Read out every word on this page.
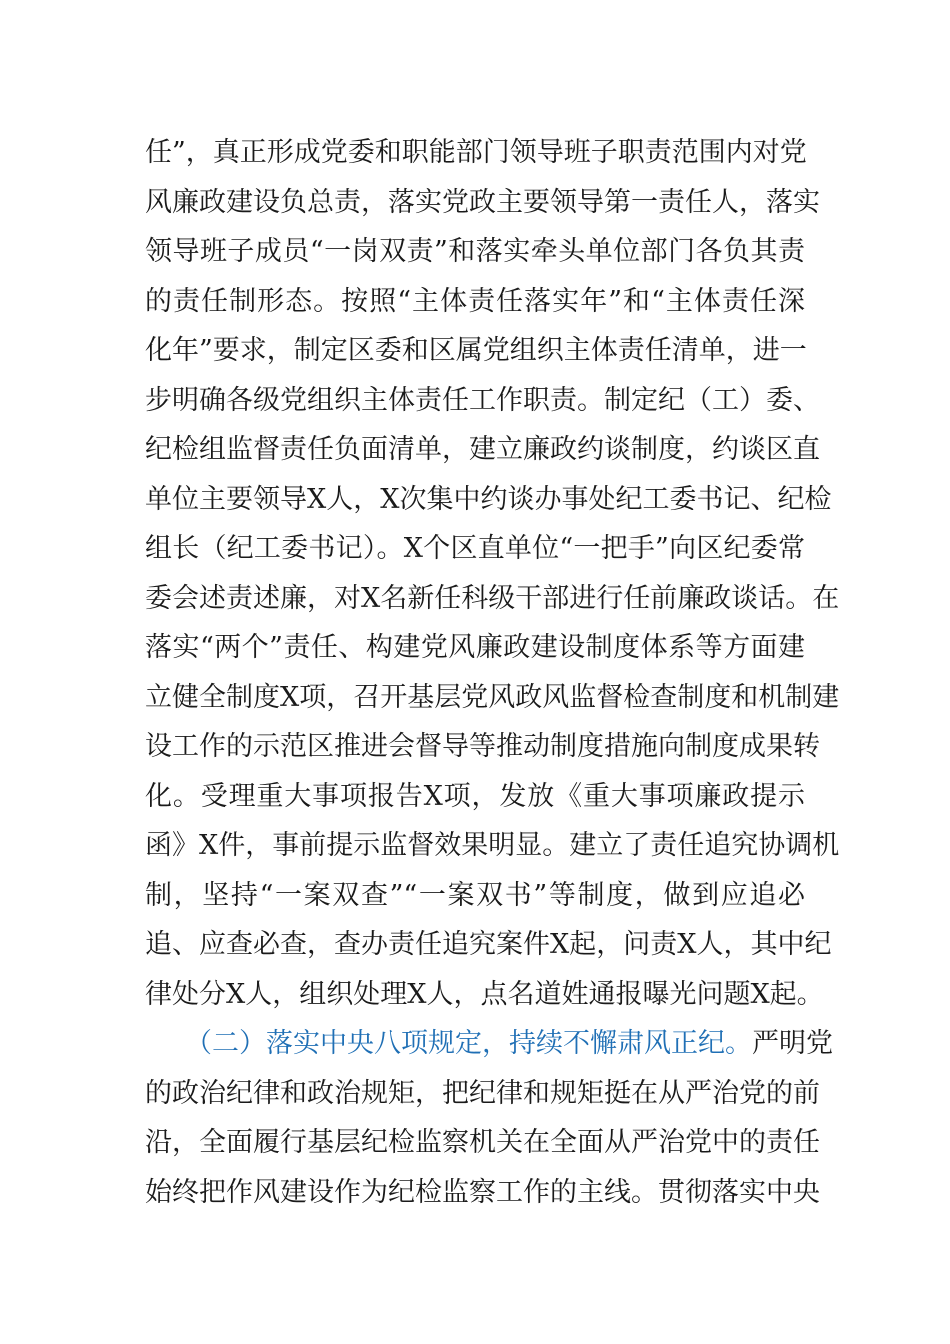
任”，真正形成党委和职能部门领导班子职责范围内对党
风廉政建设负总责，落实党政主要领导第一责任人，落实
领导班子成员“一岗双责”和落实牵头单位部门各负其责
的责任制形态。按照“主体责任落实年”和“主体责任深
化年”要求，制定区委和区属党组织主体责任清单，进一
步明确各级党组织主体责任工作职责。制定纪（工）委、
纪检组监督责任负面清单，建立廉政约谈制度，约谈区直
单位主要领导X人，X次集中约谈办事处纪工委书记、纪检
组长（纪工委书记）。X个区直单位“一把手”向区纪委常
委会述责述廉，对X名新任科级干部进行任前廉政谈话。在
落实“两个”责任、构建党风廉政建设制度体系等方面建
立健全制度X项，召开基层党风政风监督检查制度和机制建
设工作的示范区推进会督导等推动制度措施向制度成果转
化。受理重大事项报告X项，发放《重大事项廉政提示
函》X件，事前提示监督效果明显。建立了责任追究协调机
制，坚持“一案双查”“一案双书”等制度，做到应追必
追、应查必查，查办责任追究案件X起，问责X人，其中纪
律处分X人，组织处理X人，点名道姓通报曝光问题X起。
（二）落实中央八项规定，持续不懈肃风正纪。严明党
的政治纪律和政治规矩，把纪律和规矩挺在从严治党的前
沿，全面履行基层纪检监察机关在全面从严治党中的责任
始终把作风建设作为纪检监察工作的主线。贯彻落实中央
